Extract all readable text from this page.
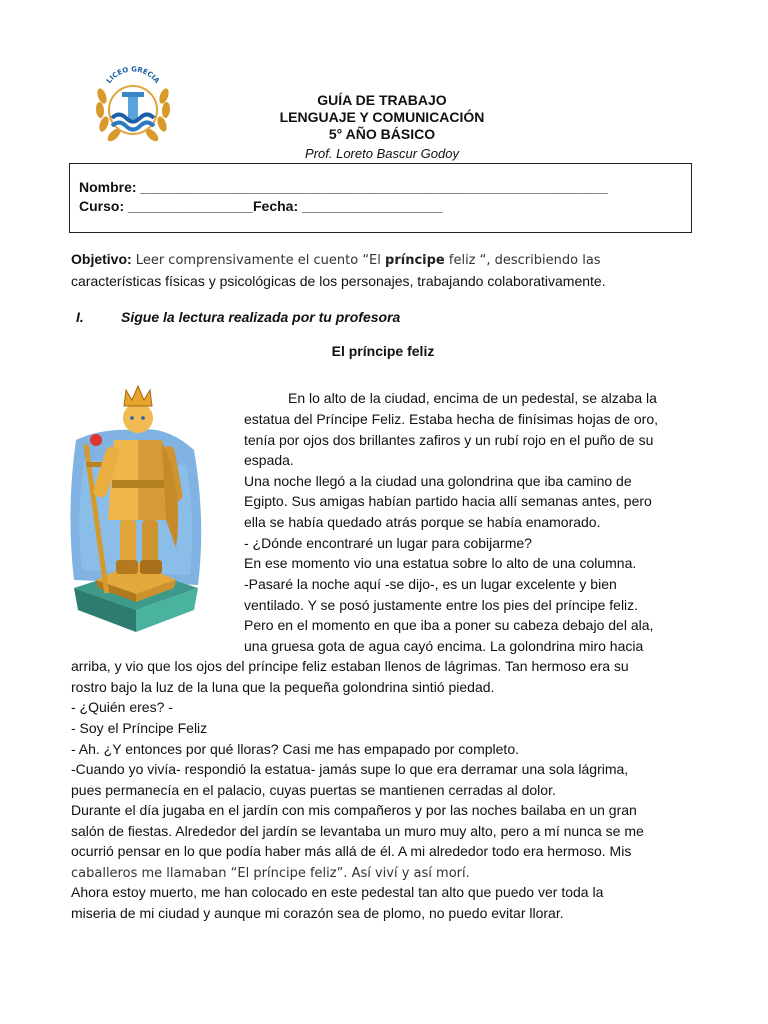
LICEO GRECIA
GUÍA DE TRABAJO
LENGUAJE Y COMUNICACIÓN
5° AÑO BÁSICO
Prof. Loreto Bascur Godoy
Nombre: ____________________________________________________________
Curso: ________________
Fecha: __________________
Objetivo: Leer comprensivamente el cuento “El príncipe feliz “, describiendo las
características físicas y psicológicas de los personajes, trabajando colaborativamente.
I.	Sigue la lectura realizada por tu profesora
El príncipe feliz
En lo alto de la ciudad, encima de un pedestal, se alzaba la
estatua del Príncipe Feliz. Estaba hecha de finísimas hojas de oro,
tenía por ojos dos brillantes zafiros y un rubí rojo en el puño de su
espada.
Una noche llegó a la ciudad una golondrina que iba camino de
Egipto. Sus amigas habían partido hacia allí semanas antes, pero
ella se había quedado atrás porque se había enamorado.
- ¿Dónde encontraré un lugar para cobijarme?
En ese momento vio una estatua sobre lo alto de una columna.
-Pasaré la noche aquí -se dijo-, es un lugar excelente y bien
ventilado. Y se posó justamente entre los pies del príncipe feliz.
Pero en el momento en que iba a poner su cabeza debajo del ala,
una gruesa gota de agua cayó encima. La golondrina miro hacia
arriba, y vio que los ojos del príncipe feliz estaban llenos de lágrimas. Tan hermoso era su
rostro bajo la luz de la luna que la pequeña golondrina sintió piedad.
- ¿Quién eres? -
- Soy el Príncipe Feliz
- Ah. ¿Y entonces por qué lloras? Casi me has empapado por completo.
-Cuando yo vivía- respondió la estatua- jamás supe lo que era derramar una sola lágrima,
pues permanecía en el palacio, cuyas puertas se mantienen cerradas al dolor.
Durante el día jugaba en el jardín con mis compañeros y por las noches bailaba en un gran
salón de fiestas. Alrededor del jardín se levantaba un muro muy alto, pero a mí nunca se me
ocurrió pensar en lo que podía haber más allá de él. A mi alrededor todo era hermoso. Mis
caballeros me llamaban “El príncipe feliz”. Así viví y así morí.
Ahora estoy muerto, me han colocado en este pedestal tan alto que puedo ver toda la
miseria de mi ciudad y aunque mi corazón sea de plomo, no puedo evitar llorar.
